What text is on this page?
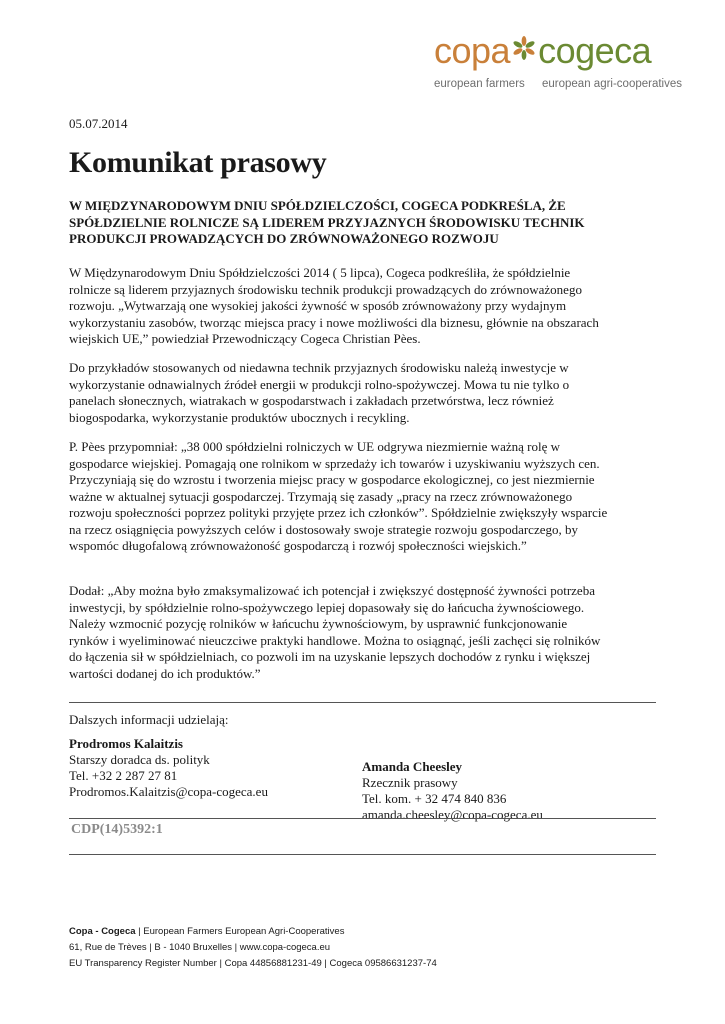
copa cogeca
european farmers european agri-cooperatives
05.07.2014
Komunikat prasowy

W MIĘDZYNARODOWYM DNIU SPÓŁDZIELCZOŚCI, COGECA PODKREŚLA, ŻE SPÓŁDZIELNIE ROLNICZE SĄ LIDEREM PRZYJAZNYCH ŚRODOWISKU TECHNIK PRODUKCJI PROWADZĄCYCH DO ZRÓWNOWAŻONEGO ROZWOJU

W Międzynarodowym Dniu Spółdzielczości 2014 ( 5 lipca), Cogeca podkreśliła, że spółdzielnie rolnicze są liderem przyjaznych środowisku technik produkcji prowadzących do zrównoważonego rozwoju. „Wytwarzają one wysokiej jakości żywność w sposób zrównoważony przy wydajnym wykorzystaniu zasobów, tworząc miejsca pracy i nowe możliwości dla biznesu, głównie na obszarach wiejskich UE,” powiedział Przewodniczący Cogeca Christian Pèes.

Do przykładów stosowanych od niedawna technik przyjaznych środowisku należą inwestycje w wykorzystanie odnawialnych źródeł energii w produkcji rolno-spożywczej. Mowa tu nie tylko o panelach słonecznych, wiatrakach w gospodarstwach i zakładach przetwórstwa, lecz również biogospodarka, wykorzystanie produktów ubocznych i recykling.

P. Pèes przypomniał: „38 000 spółdzielni rolniczych w UE odgrywa niezmiernie ważną rolę w gospodarce wiejskiej. Pomagają one rolnikom w sprzedaży ich towarów i uzyskiwaniu wyższych cen. Przyczyniają się do wzrostu i tworzenia miejsc pracy w gospodarce ekologicznej, co jest niezmiernie ważne w aktualnej sytuacji gospodarczej. Trzymają się zasady „pracy na rzecz zrównoważonego rozwoju społeczności poprzez polityki przyjęte przez ich członków”. Spółdzielnie zwiększyły wsparcie na rzecz osiągnięcia powyższych celów i dostosowały swoje strategie rozwoju gospodarczego, by wspomóc długofalową zrównoważoność gospodarczą i rozwój społeczności wiejskich.”

Dodał: „Aby można było zmaksymalizować ich potencjał i zwiększyć dostępność żywności potrzeba inwestycji, by spółdzielnie rolno-spożywczego lepiej dopasowały się do łańcucha żywnościowego. Należy wzmocnić pozycję rolników w łańcuchu żywnościowym, by usprawnić funkcjonowanie rynków i wyeliminować nieuczciwe praktyki handlowe. Można to osiągnąć, jeśli zachęci się rolników do łączenia sił w spółdzielniach, co pozwoli im na uzyskanie lepszych dochodów z rynku i większej wartości dodanej do ich produktów.”

Dalszych informacji udzielają:
Prodromos Kalaitzis
Starszy doradca ds. polityk
Tel. +32 2 287 27 81
Prodromos.Kalaitzis@copa-cogeca.eu
Amanda Cheesley
Rzecznik prasowy
Tel. kom. + 32 474 840 836
amanda.cheesley@copa-cogeca.eu
CDP(14)5392:1
Copa - Cogeca | European Farmers European Agri-Cooperatives
61, Rue de Trèves | B - 1040 Bruxelles | www.copa-cogeca.eu
EU Transparency Register Number | Copa 44856881231-49 | Cogeca 09586631237-74
